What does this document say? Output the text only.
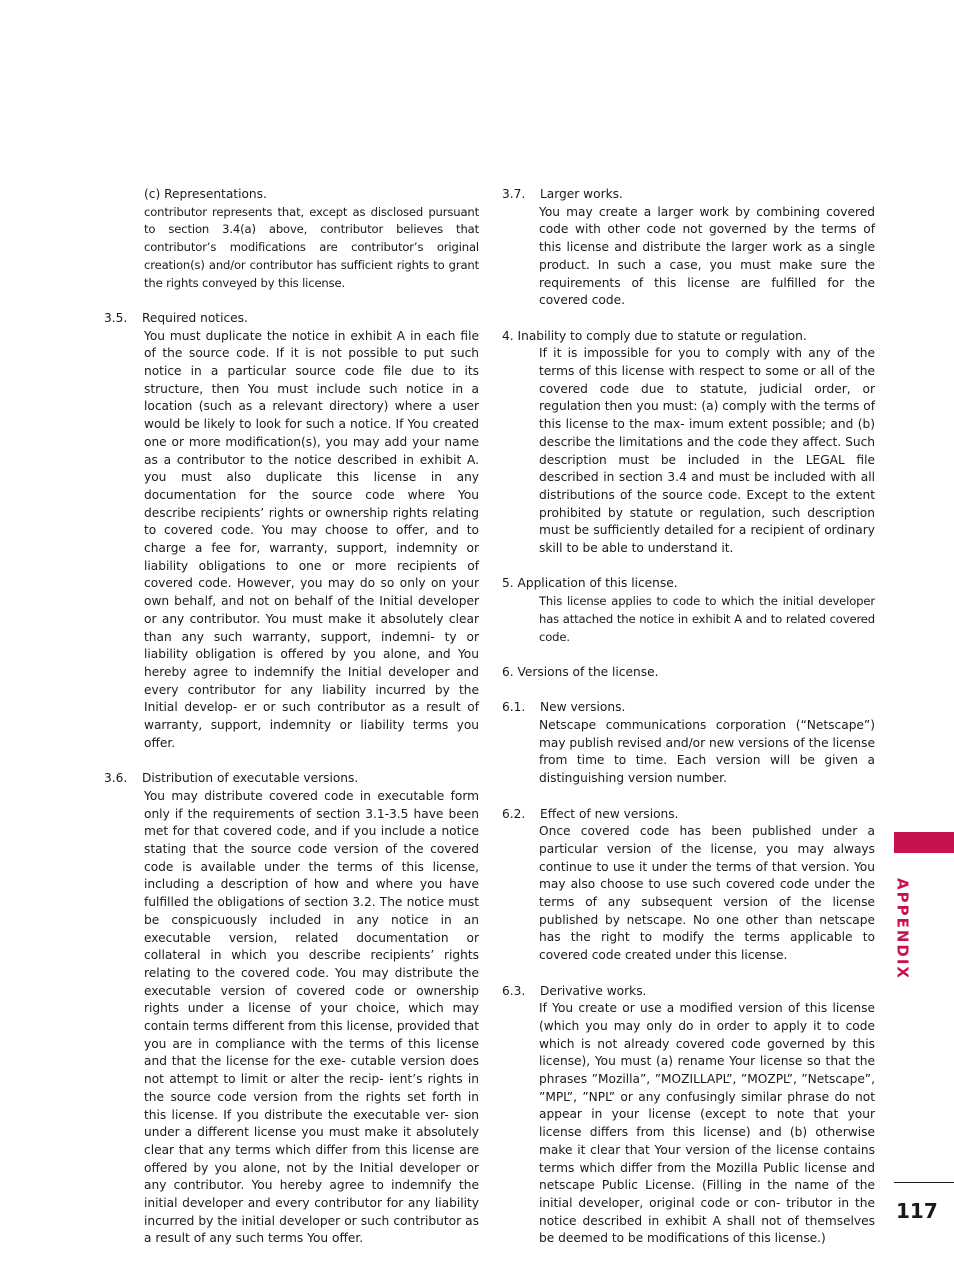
(c) Representations.
contributor represents that, except as disclosed pursuant to section 3.4(a) above, contributor believes that contributor’s modifications are contributor’s original creation(s) and/or contributor has sufficient rights to grant the rights conveyed by this license.
3.5. Required notices.
You must duplicate the notice in exhibit A in each file of the source code. If it is not possible to put such notice in a particular source code file due to its structure, then You must include such notice in a location (such as a relevant directory) where a user would be likely to look for such a notice. If You created one or more modification(s), you may add your name as a contributor to the notice described in exhibit A. you must also duplicate this license in any documentation for the source code where You describe recipients’ rights or ownership rights relating to covered code. You may choose to offer, and to charge a fee for, warranty, support, indemnity or liability obligations to one or more recipients of covered code. However, you may do so only on your own behalf, and not on behalf of the Initial developer or any contributor. You must make it absolutely clear than any such warranty, support, indemni- ty or liability obligation is offered by you alone, and You hereby agree to indemnify the Initial developer and every contributor for any liability incurred by the Initial develop- er or such contributor as a result of warranty, support, indemnity or liability terms you offer.
3.6. Distribution of executable versions.
You may distribute covered code in executable form only if the requirements of section 3.1-3.5 have been met for that covered code, and if you include a notice stating that the source code version of the covered code is available under the terms of this license, including a description of how and where you have fulfilled the obligations of section 3.2. The notice must be conspicuously included in any notice in an executable version, related documentation or collateral in which you describe recipients’ rights relating to the covered code. You may distribute the executable version of covered code or ownership rights under a license of your choice, which may contain terms different from this license, provided that you are in compliance with the terms of this license and that the license for the exe- cutable version does not attempt to limit or alter the recip- ient’s rights in the source code version from the rights set forth in this license. If you distribute the executable ver- sion under a different license you must make it absolutely clear that any terms which differ from this license are offered by you alone, not by the Initial developer or any contributor. You hereby agree to indemnify the initial developer and every contributor for any liability incurred by the initial developer or such contributor as a result of any such terms You offer.
3.7. Larger works.
You may create a larger work by combining covered code with other code not governed by the terms of this license and distribute the larger work as a single product. In such a case, you must make sure the requirements of this license are fulfilled for the covered code.
4. Inability to comply due to statute or regulation.
If it is impossible for you to comply with any of the terms of this license with respect to some or all of the covered code due to statute, judicial order, or regulation then you must: (a) comply with the terms of this license to the max- imum extent possible; and (b) describe the limitations and the code they affect. Such description must be included in the LEGAL file described in section 3.4 and must be included with all distributions of the source code. Except to the extent prohibited by statute or regulation, such description must be sufficiently detailed for a recipient of ordinary skill to be able to understand it.
5. Application of this license.
This license applies to code to which the initial developer has attached the notice in exhibit A and to related covered code.
6. Versions of the license.
6.1. New versions.
Netscape communications corporation (“Netscape”) may publish revised and/or new versions of the license from time to time. Each version will be given a distinguishing version number.
6.2. Effect of new versions.
Once covered code has been published under a particular version of the license, you may always continue to use it under the terms of that version. You may also choose to use such covered code under the terms of any subsequent version of the license published by netscape. No one other than netscape has the right to modify the terms applicable to covered code created under this license.
6.3. Derivative works.
If You create or use a modified version of this license (which you may only do in order to apply it to code which is not already covered code governed by this license), You must (a) rename Your license so that the phrases ”Mozilla”, ”MOZILLAPL”, ”MOZPL”, ”Netscape”, ”MPL”, ”NPL” or any confusingly similar phrase do not appear in your license (except to note that your license differs from this license) and (b) otherwise make it clear that Your version of the license contains terms which differ from the Mozilla Public license and netscape Public License. (Filling in the name of the initial developer, original code or con- tributor in the notice described in exhibit A shall not of themselves be deemed to be modifications of this license.)
APPENDIX
117
